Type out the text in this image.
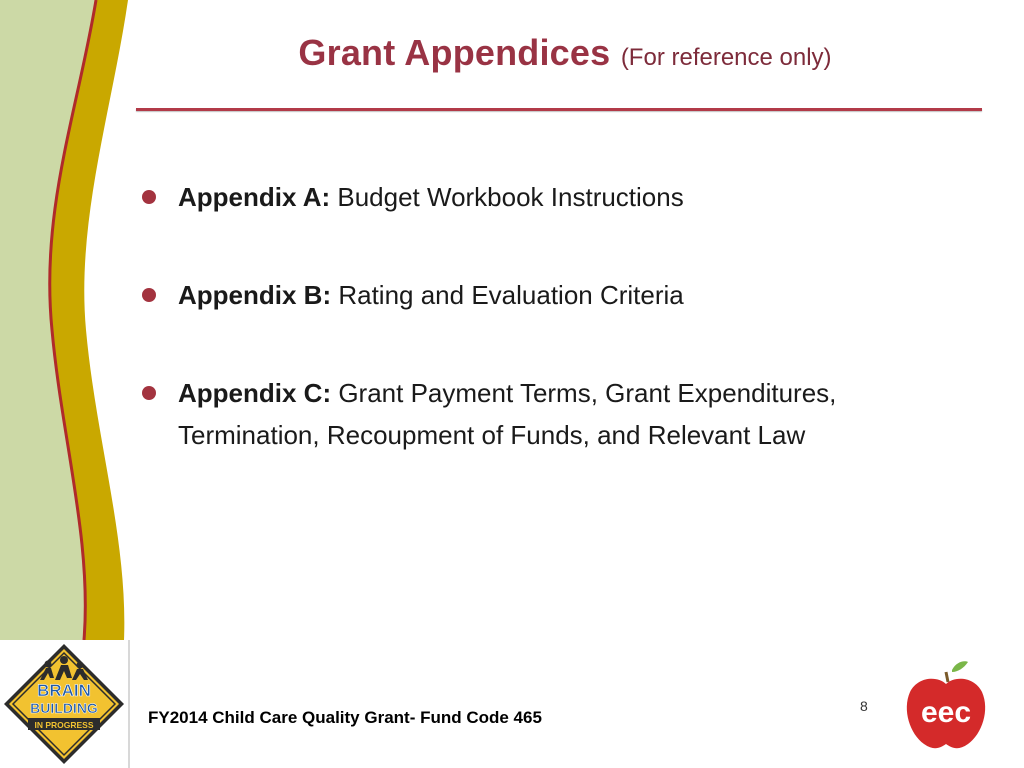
Grant Appendices (For reference only)
Appendix A: Budget Workbook Instructions
Appendix B: Rating and Evaluation Criteria
Appendix C: Grant Payment Terms, Grant Expenditures, Termination, Recoupment of Funds, and Relevant Law
FY2014 Child Care Quality Grant- Fund Code 465
8
BRAIN
BUILDING
IN PROGRESS	eec
